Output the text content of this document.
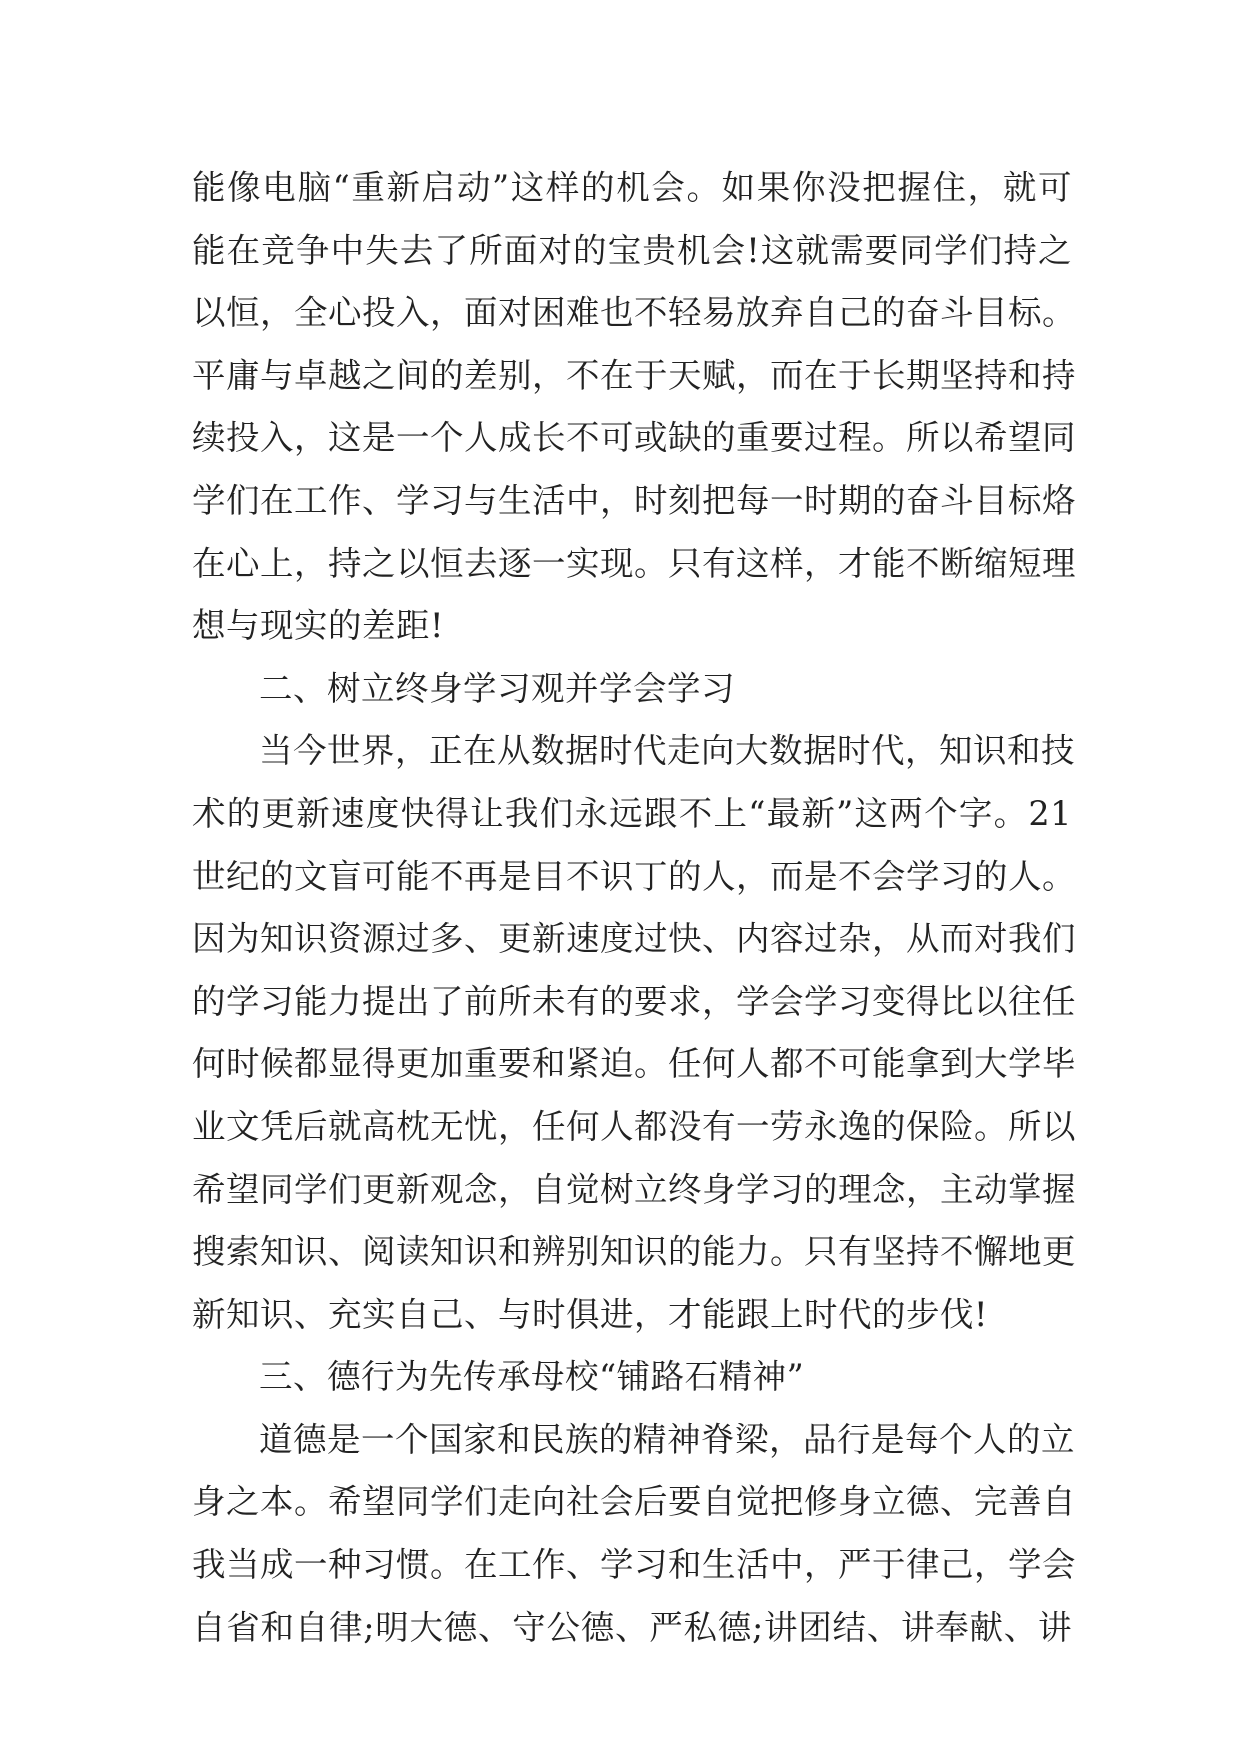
能像电脑“重新启动”这样的机会。如果你没把握住，就可
能在竞争中失去了所面对的宝贵机会!这就需要同学们持之
以恒，全心投入，面对困难也不轻易放弃自己的奋斗目标。
平庸与卓越之间的差别，不在于天赋，而在于长期坚持和持
续投入，这是一个人成长不可或缺的重要过程。所以希望同
学们在工作、学习与生活中，时刻把每一时期的奋斗目标烙
在心上，持之以恒去逐一实现。只有这样，才能不断缩短理
想与现实的差距!
二、树立终身学习观并学会学习
当今世界，正在从数据时代走向大数据时代，知识和技
术的更新速度快得让我们永远跟不上“最新”这两个字。21
世纪的文盲可能不再是目不识丁的人，而是不会学习的人。
因为知识资源过多、更新速度过快、内容过杂，从而对我们
的学习能力提出了前所未有的要求，学会学习变得比以往任
何时候都显得更加重要和紧迫。任何人都不可能拿到大学毕
业文凭后就高枕无忧，任何人都没有一劳永逸的保险。所以
希望同学们更新观念，自觉树立终身学习的理念，主动掌握
搜索知识、阅读知识和辨别知识的能力。只有坚持不懈地更
新知识、充实自己、与时俱进，才能跟上时代的步伐!
三、德行为先传承母校“铺路石精神”
道德是一个国家和民族的精神脊梁，品行是每个人的立
身之本。希望同学们走向社会后要自觉把修身立德、完善自
我当成一种习惯。在工作、学习和生活中，严于律己，学会
自省和自律;明大德、守公德、严私德;讲团结、讲奉献、讲
